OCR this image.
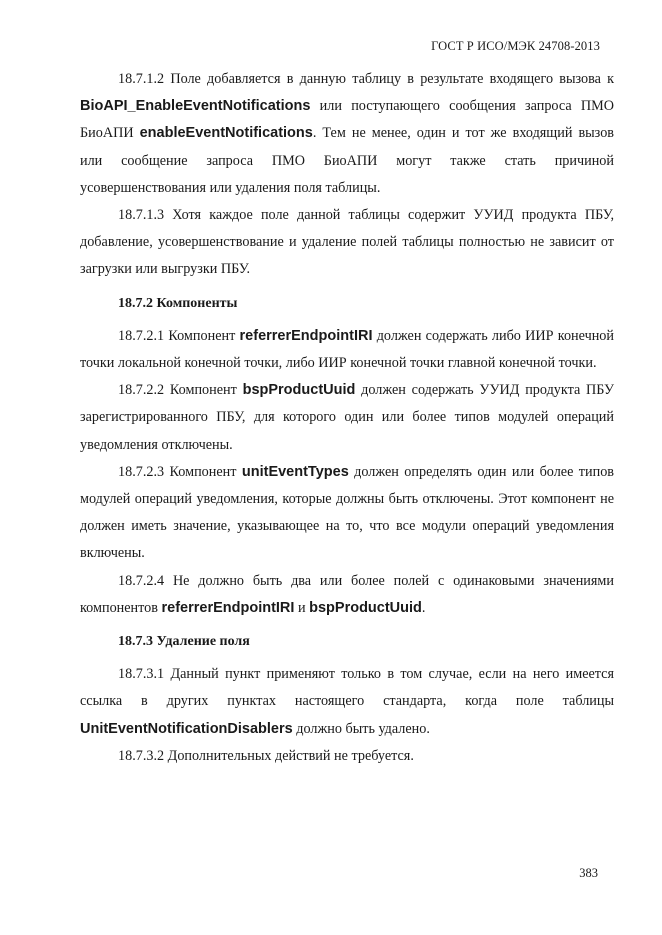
ГОСТ Р ИСО/МЭК 24708-2013

18.7.1.2 Поле добавляется в данную таблицу в результате входящего вызова к BioAPI_EnableEventNotifications или поступающего сообщения запроса ПМО БиоАПИ enableEventNotifications. Тем не менее, один и тот же входящий вызов или сообщение запроса ПМО БиоАПИ могут также стать причиной усовершенствования или удаления поля таблицы.

18.7.1.3 Хотя каждое поле данной таблицы содержит УУИД продукта ПБУ, добавление, усовершенствование и удаление полей таблицы полностью не зависит от загрузки или выгрузки ПБУ.

18.7.2 Компоненты

18.7.2.1 Компонент referrerEndpointIRI должен содержать либо ИИР конечной точки локальной конечной точки, либо ИИР конечной точки главной конечной точки.

18.7.2.2 Компонент bspProductUuid должен содержать УУИД продукта ПБУ зарегистрированного ПБУ, для которого один или более типов модулей операций уведомления отключены.

18.7.2.3 Компонент unitEventTypes должен определять один или более типов модулей операций уведомления, которые должны быть отключены. Этот компонент не должен иметь значение, указывающее на то, что все модули операций уведомления включены.

18.7.2.4 Не должно быть два или более полей с одинаковыми значениями компонентов referrerEndpointIRI и bspProductUuid.

18.7.3 Удаление поля

18.7.3.1 Данный пункт применяют только в том случае, если на него имеется ссылка в других пунктах настоящего стандарта, когда поле таблицы UnitEventNotificationDisablers должно быть удалено.

18.7.3.2 Дополнительных действий не требуется.

383
